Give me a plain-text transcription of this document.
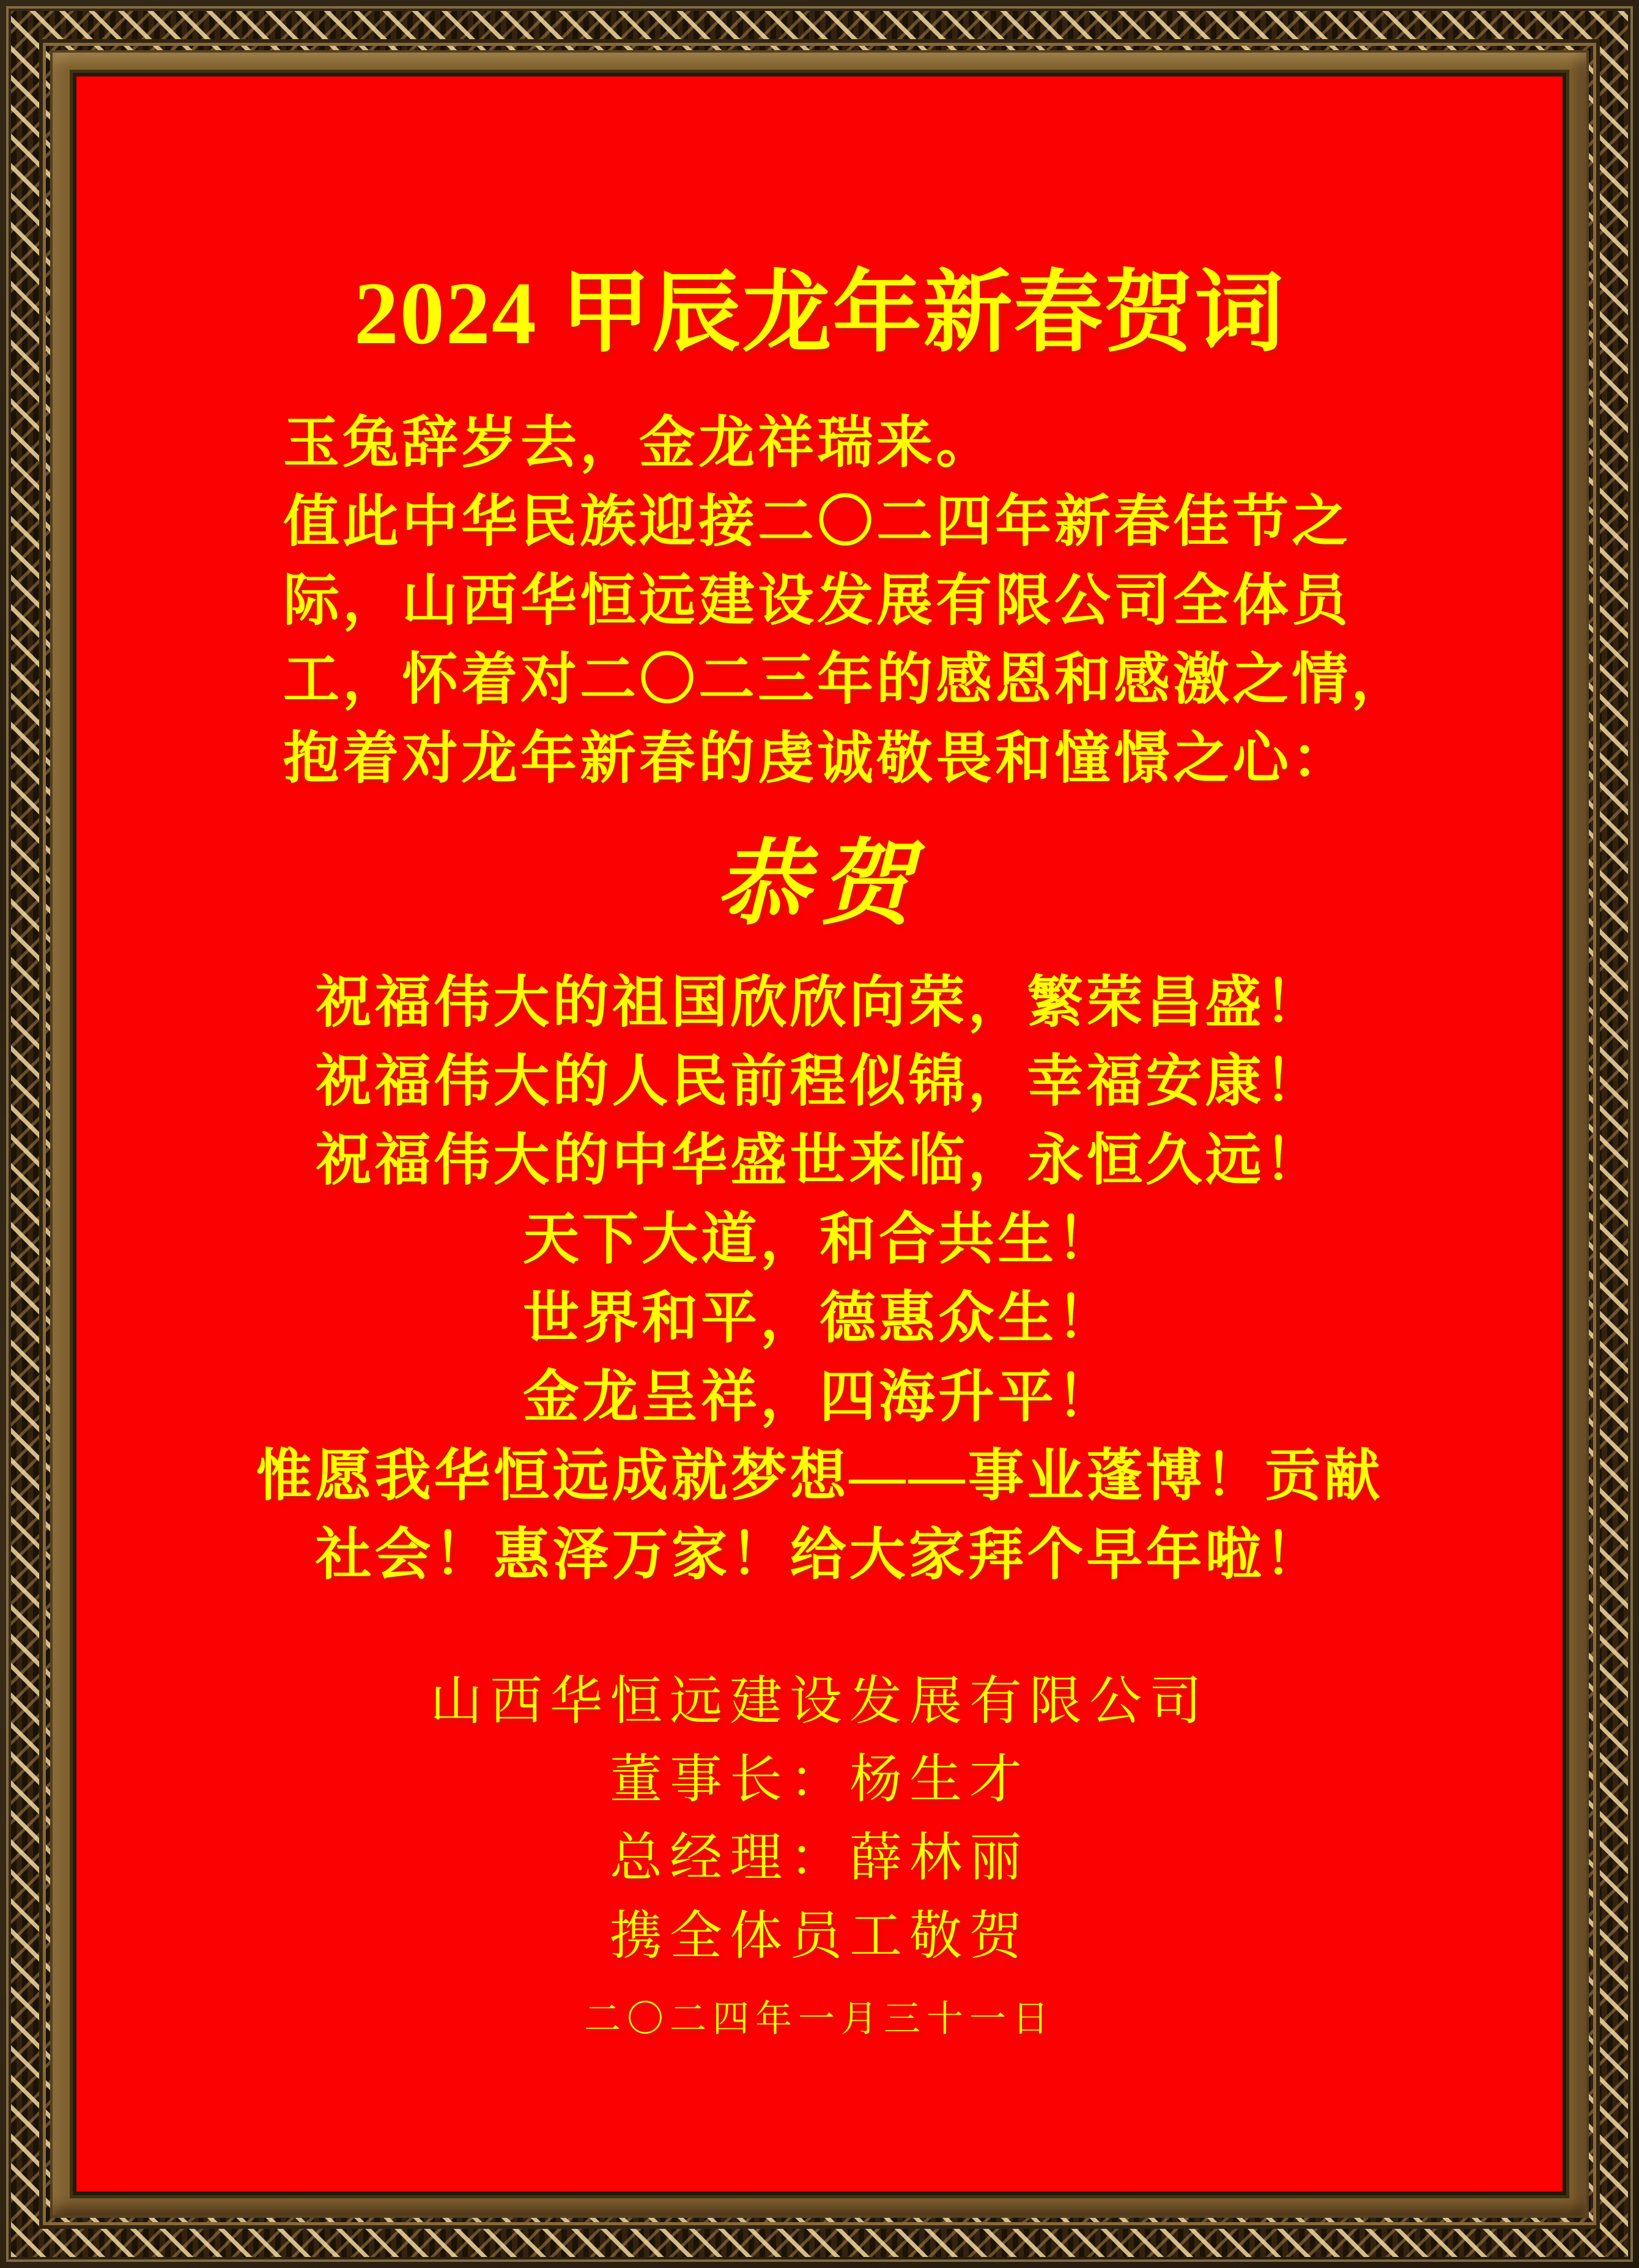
2024 甲辰龙年新春贺词
玉兔辞岁去，金龙祥瑞来。
值此中华民族迎接二〇二四年新春佳节之
际，山西华恒远建设发展有限公司全体员
工，怀着对二〇二三年的感恩和感激之情，
抱着对龙年新春的虔诚敬畏和憧憬之心：
恭贺
祝福伟大的祖国欣欣向荣，繁荣昌盛！
祝福伟大的人民前程似锦，幸福安康！
祝福伟大的中华盛世来临，永恒久远！
天下大道，和合共生！
世界和平，德惠众生！
金龙呈祥，四海升平！
惟愿我华恒远成就梦想——事业蓬博！贡献
社会！惠泽万家！给大家拜个早年啦！
山西华恒远建设发展有限公司
董事长：杨生才
总经理：薛林丽
携全体员工敬贺
二〇二四年一月三十一日
